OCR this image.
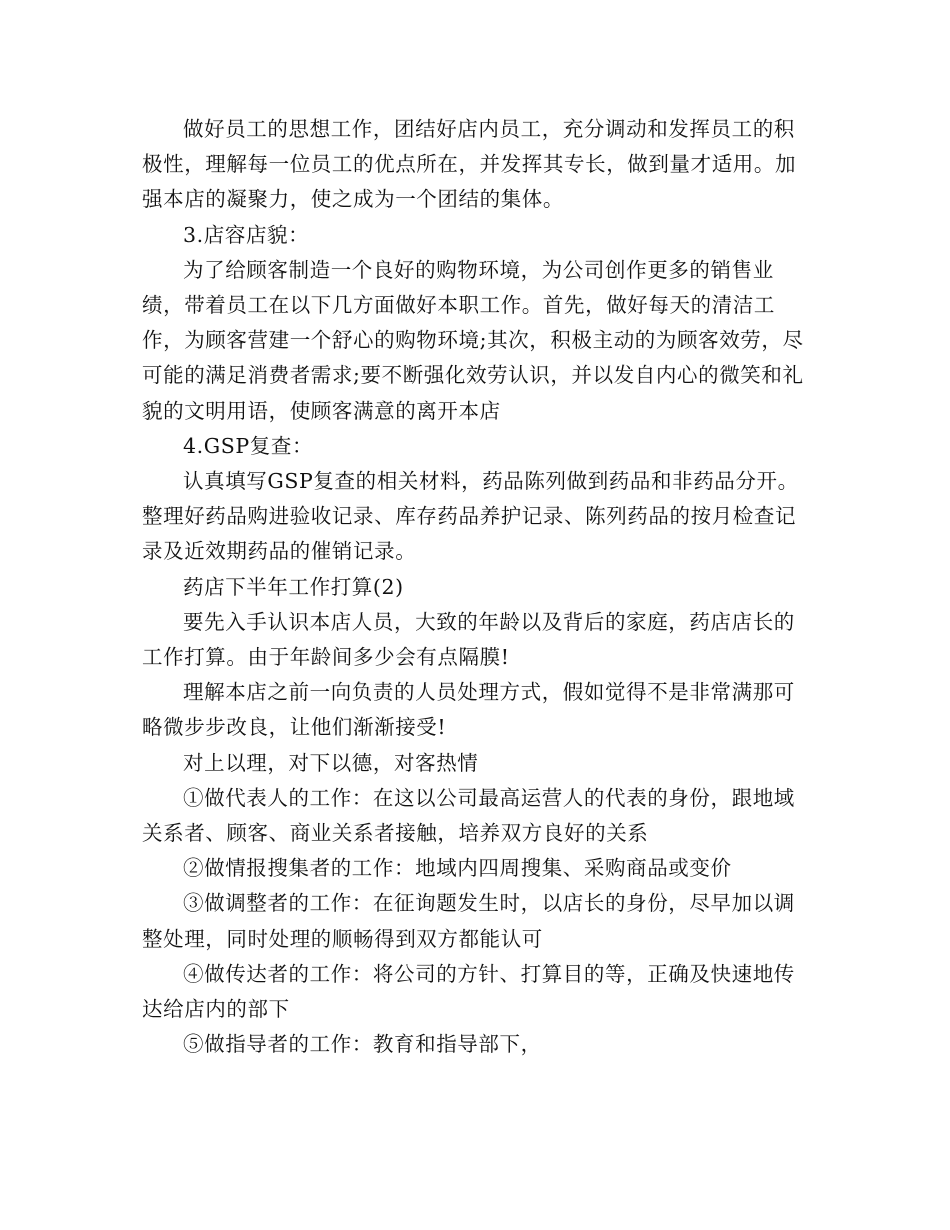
做好员工的思想工作，团结好店内员工，充分调动和发挥员工的积极性，理解每一位员工的优点所在，并发挥其专长，做到量才适用。加强本店的凝聚力，使之成为一个团结的集体。

3.店容店貌：

为了给顾客制造一个良好的购物环境，为公司创作更多的销售业绩，带着员工在以下几方面做好本职工作。首先，做好每天的清洁工作，为顾客营建一个舒心的购物环境;其次，积极主动的为顾客效劳，尽可能的满足消费者需求;要不断强化效劳认识，并以发自内心的微笑和礼貌的文明用语，使顾客满意的离开本店

4.GSP复查：

认真填写GSP复查的相关材料，药品陈列做到药品和非药品分开。整理好药品购进验收记录、库存药品养护记录、陈列药品的按月检查记录及近效期药品的催销记录。

药店下半年工作打算(2)

要先入手认识本店人员，大致的年龄以及背后的家庭，药店店长的工作打算。由于年龄间多少会有点隔膜!

理解本店之前一向负责的人员处理方式，假如觉得不是非常满那可略微步步改良，让他们渐渐接受!

对上以理，对下以德，对客热情

①做代表人的工作：在这以公司最高运营人的代表的身份，跟地域关系者、顾客、商业关系者接触，培养双方良好的关系

②做情报搜集者的工作：地域内四周搜集、采购商品或变价

③做调整者的工作：在征询题发生时，以店长的身份，尽早加以调整处理，同时处理的顺畅得到双方都能认可

④做传达者的工作：将公司的方针、打算目的等，正确及快速地传达给店内的部下

⑤做指导者的工作：教育和指导部下，
